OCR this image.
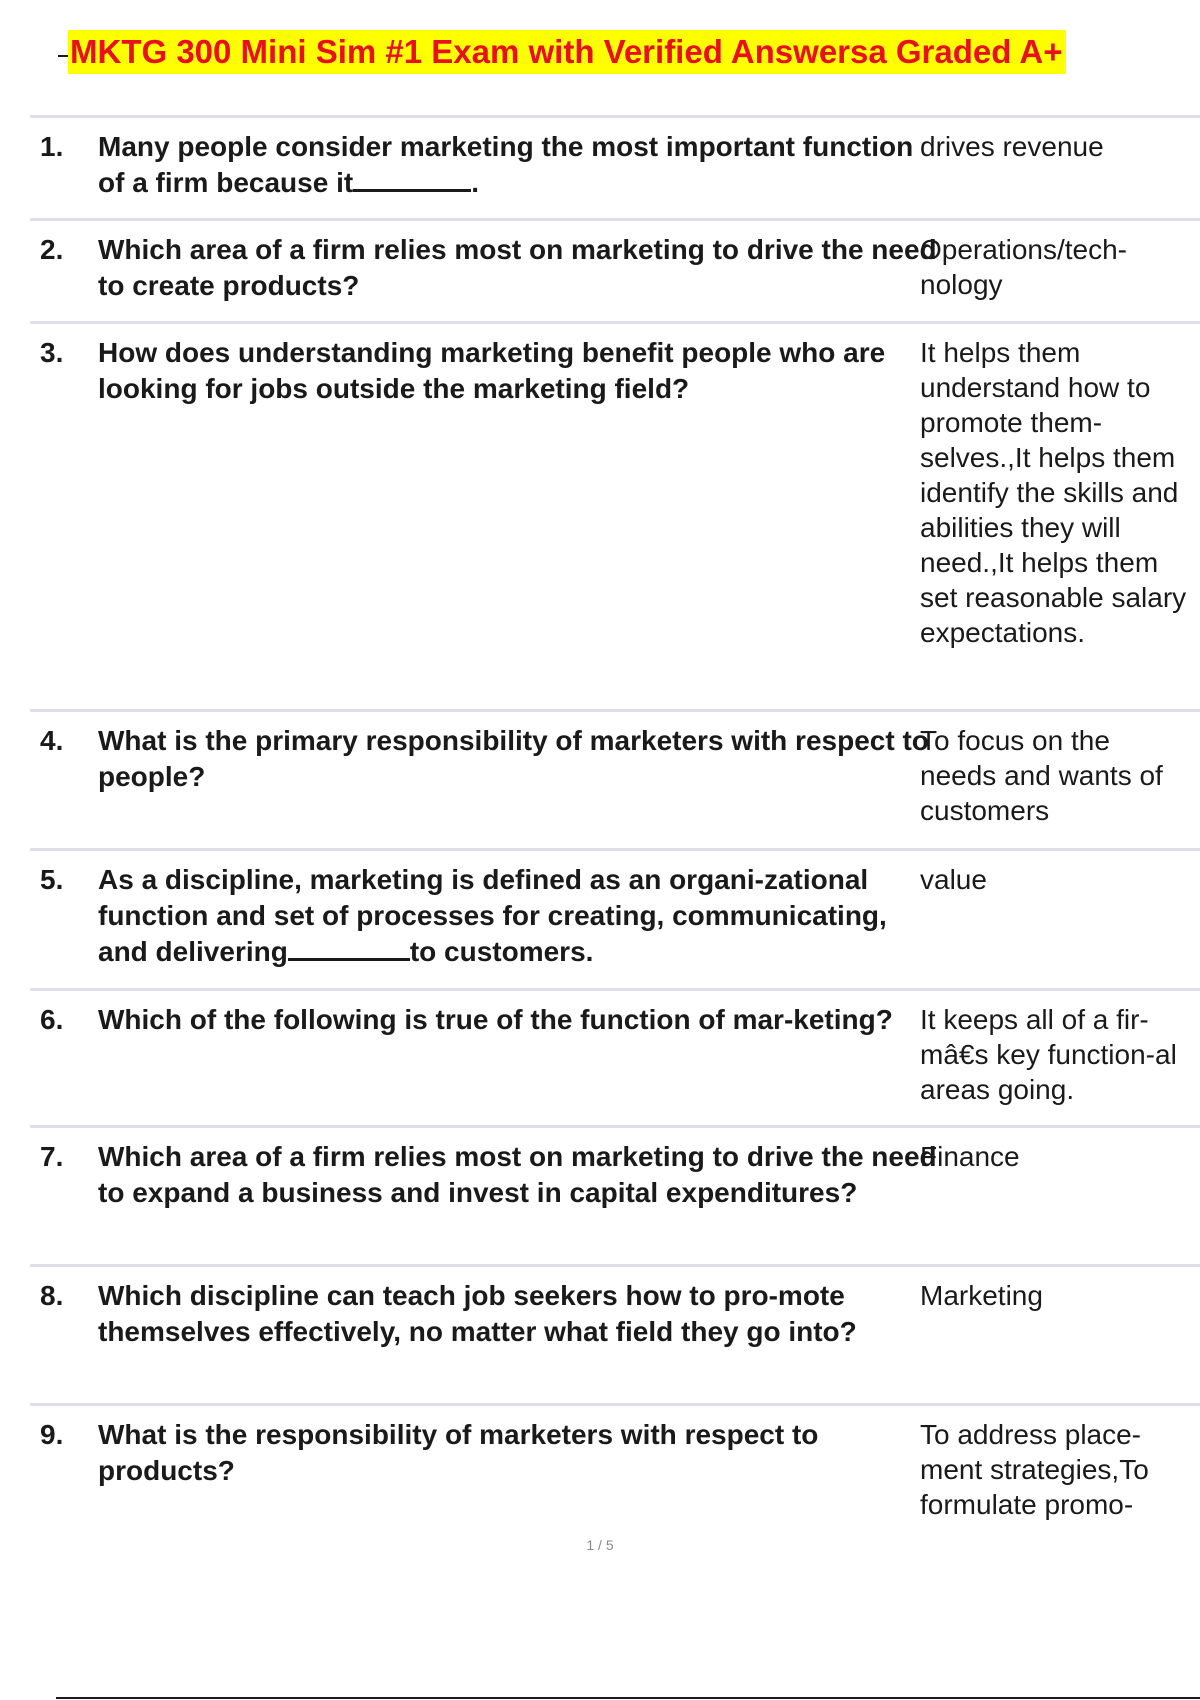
MKTG 300 Mini Sim #1 Exam with Verified Answersa Graded A+
1. Many people consider marketing the most important function of a firm because it	.
drives revenue
2. Which area of a firm relies most on marketing to drive the need to create products?
Operations/tech-nology
3. How does understanding marketing benefit people who are looking for jobs outside the marketing field?
It helps them understand how to promote them-selves.,It helps them identify the skills and abilities they will need.,It helps them set reasonable salary expectations.
4. What is the primary responsibility of marketers with respect to people?
To focus on the needs and wants of customers
5. As a discipline, marketing is defined as an organi-zational function and set of processes for creating, communicating, and delivering	to customers.
value
6. Which of the following is true of the function of mar-keting? It keeps all of a fir-mâ€s key function-al areas going.
7. Which area of a firm relies most on marketing to drive the need to expand a business and invest in capital expenditures?
Finance
8. Which discipline can teach job seekers how to pro-mote themselves effectively, no matter what field they go into?
Marketing
9. What is the responsibility of marketers with respect to products?
To address place-ment strategies,To formulate promo-
1 / 5
